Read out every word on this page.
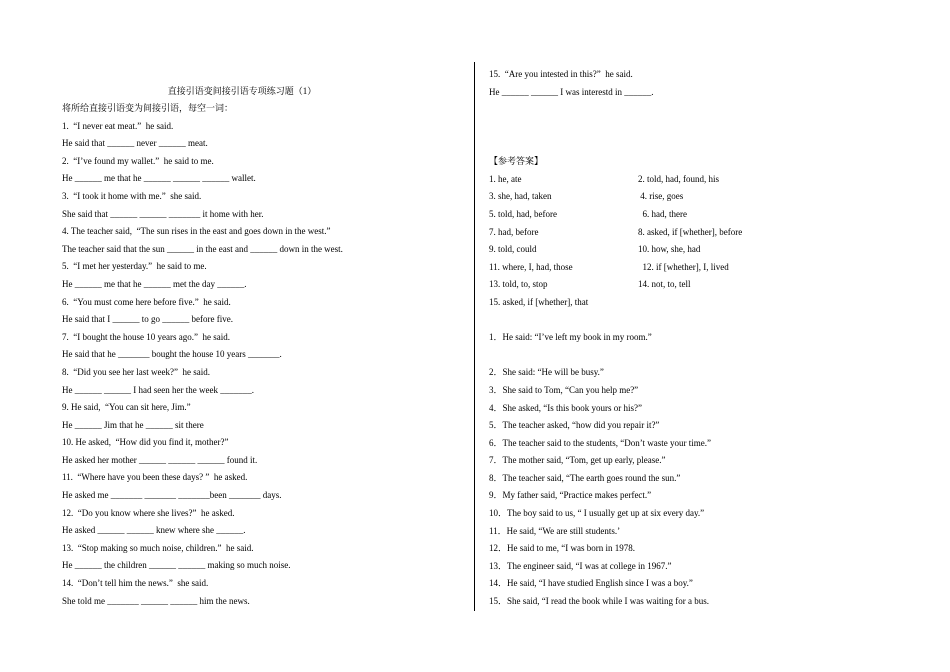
直接引语变间接引语专项练习题（1）
将所给直接引语变为间接引语，每空一词：
1.  “I never eat meat.”  he said.
He said that ______ never ______ meat.
2.  “I’ve found my wallet.”  he said to me.
He ______ me that he ______ ______ ______ wallet.
3.  “I took it home with me.”  she said.
She said that ______ ______ _______ it home with her.
4. The teacher said,  “The sun rises in the east and goes down in the west.”
The teacher said that the sun ______ in the east and ______ down in the west.
5.  “I met her yesterday.”  he said to me.
He ______ me that he ______ met the day ______.
6.  “You must come here before five.”  he said.
He said that I ______ to go ______ before five.
7.  “I bought the house 10 years ago.”  he said.
He said that he _______ bought the house 10 years _______.
8.  “Did you see her last week?”  he said.
He ______ ______ I had seen her the week _______.
9. He said,  “You can sit here, Jim.”
He ______ Jim that he ______ sit there
10. He asked,  “How did you find it, mother?”
He asked her mother ______ ______ ______ found it.
11.  “Where have you been these days? ”  he asked.
He asked me _______ _______ _______been _______ days.
12.  “Do you know where she lives?”  he asked.
He asked ______ ______ knew where she ______.
13.  “Stop making so much noise, children.”  he said.
He ______ the children ______ ______ making so much noise.
14.  “Don’t tell him the news.”  she said.
She told me _______ ______ ______ him the news.
15.  “Are you intested in this?”  he said.
He ______ ______ I was interestd in ______.
【参考答案】
1. he, ate	2. told, had, found, his
3. she, had, taken	4. rise, goes
5. told, had, before	6. had, there
7. had, before	8. asked, if [whether], before
9. told, could	10. how, she, had
11. where, I, had, those	12. if [whether], I, lived
13. told, to, stop	14. not, to, tell
15. asked, if [whether], that
1．He said: “I’ve left my book in my room.”
2．She said: “He will be busy.”
3．She said to Tom, “Can you help me?”
4．She asked, “Is this book yours or his?”
5．The teacher asked, “how did you repair it?”
6．The teacher said to the students, “Don’t waste your time.”
7．The mother said, “Tom, get up early, please.”
8．The teacher said, “The earth goes round the sun.”
9．My father said, “Practice makes perfect.”
10．The boy said to us, “ I usually get up at six every day.”
11．He said, “We are still students.’
12．He said to me, “I was born in 1978.
13．The engineer said, “I was at college in 1967.”
14．He said, “I have studied English since I was a boy.”
15．She said, “I read the book while I was waiting for a bus.
